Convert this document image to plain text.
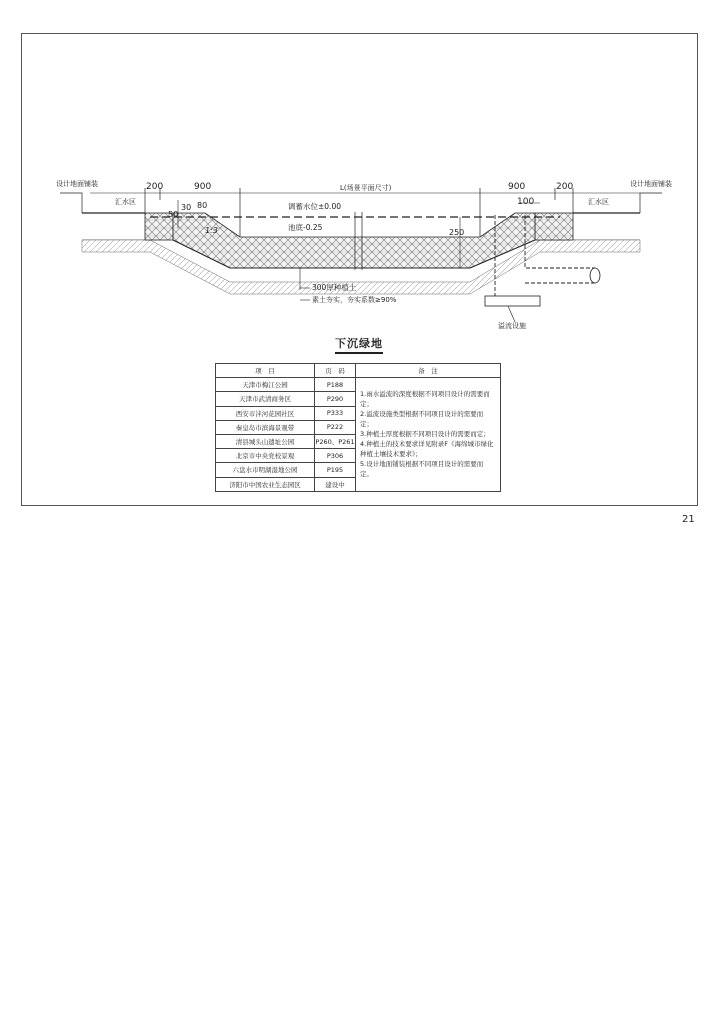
设计地面铺装	设计地面铺装
汇水区	汇水区
L(场景平面尺寸)
200	900	900	200
100
50
30 80
250
1:3
调蓄水位±0.00
池底-0.25
300厚种植土
素土夯实，夯实系数≥90%
溢流设施
下沉绿地
项　目	页　码	备　注
天津市梅江公园	P188	1.雨水溢流的深度根据不同项目设计的需要而定；
2.溢流设施类型根据不同项目设计的需要而定；
3.种植土厚度根据不同项目设计的需要而定；
4.种植土的技术要求详见附录F《海绵城市绿化种植土壤技术要求》；
5.设计地面铺装根据不同项目设计的需要而定。

天津市武清商务区	P290	
西安市沣河花园社区	P333	
秦皇岛市滨海景观带	P222	
清县城头山遗址公园	P260、P261	
北京市中央党校景观	P306	
六盘水市明湖湿地公园	P195	
济阳市中国农业生态园区	建设中	
21
